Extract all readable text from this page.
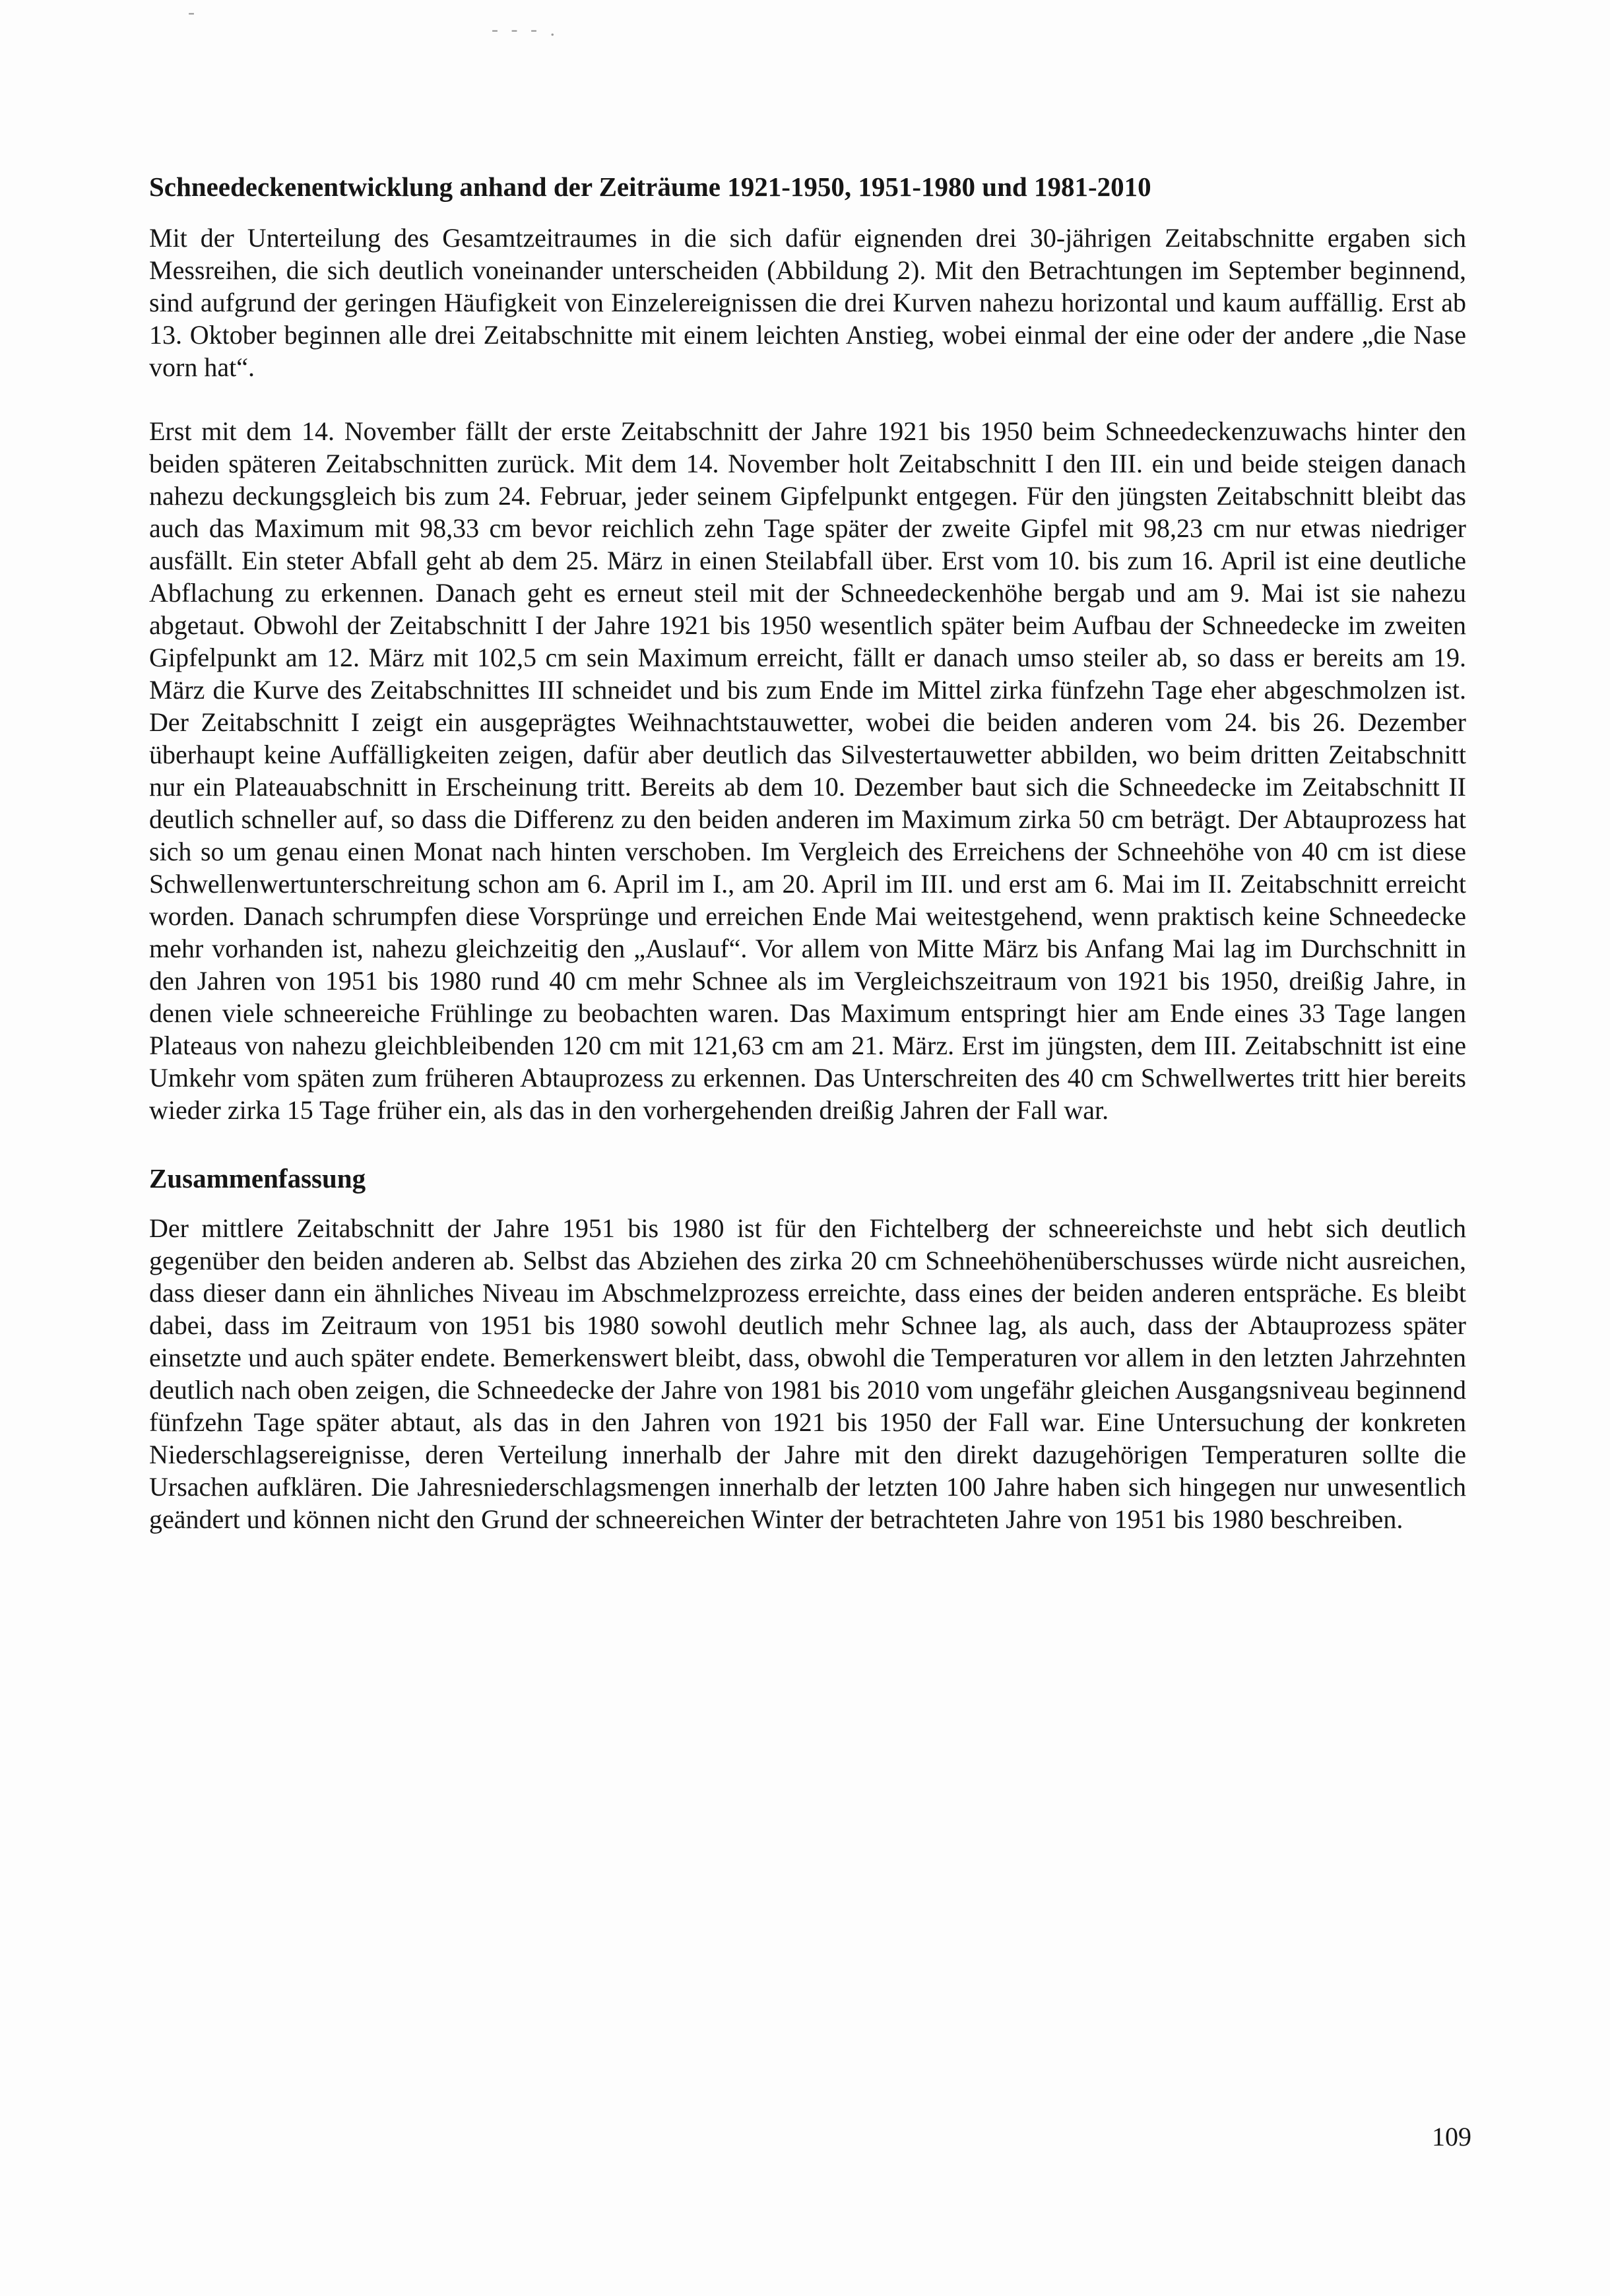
-
- - - .
Schneedeckenentwicklung anhand der Zeiträume 1921-1950, 1951-1980 und 1981-2010

Mit der Unterteilung des Gesamtzeitraumes in die sich dafür eignenden drei 30-jährigen Zeitabschnitte ergaben sich Messreihen, die sich deutlich voneinander unterscheiden (Abbildung 2). Mit den Betrachtungen im September beginnend, sind aufgrund der geringen Häufigkeit von Einzelereignissen die drei Kurven nahezu horizontal und kaum auffällig. Erst ab 13. Oktober beginnen alle drei Zeitabschnitte mit einem leichten Anstieg, wobei einmal der eine oder der andere „die Nase vorn hat“.

Erst mit dem 14. November fällt der erste Zeitabschnitt der Jahre 1921 bis 1950 beim Schneedeckenzuwachs hinter den beiden späteren Zeitabschnitten zurück. Mit dem 14. November holt Zeitabschnitt I den III. ein und beide steigen danach nahezu deckungsgleich bis zum 24. Februar, jeder seinem Gipfelpunkt entgegen. Für den jüngsten Zeitabschnitt bleibt das auch das Maximum mit 98,33 cm bevor reichlich zehn Tage später der zweite Gipfel mit 98,23 cm nur etwas niedriger ausfällt. Ein steter Abfall geht ab dem 25. März in einen Steilabfall über. Erst vom 10. bis zum 16. April ist eine deutliche Abflachung zu erkennen. Danach geht es erneut steil mit der Schneedeckenhöhe bergab und am 9. Mai ist sie nahezu abgetaut. Obwohl der Zeitabschnitt I der Jahre 1921 bis 1950 wesentlich später beim Aufbau der Schneedecke im zweiten Gipfelpunkt am 12. März mit 102,5 cm sein Maximum erreicht, fällt er danach umso steiler ab, so dass er bereits am 19. März die Kurve des Zeitabschnittes III schneidet und bis zum Ende im Mittel zirka fünfzehn Tage eher abgeschmolzen ist. Der Zeitabschnitt I zeigt ein ausgeprägtes Weihnachtstauwetter, wobei die beiden anderen vom 24. bis 26. Dezember überhaupt keine Auffälligkeiten zeigen, dafür aber deutlich das Silvestertauwetter abbilden, wo beim dritten Zeitabschnitt nur ein Plateauabschnitt in Erscheinung tritt. Bereits ab dem 10. Dezember baut sich die Schneedecke im Zeitabschnitt II deutlich schneller auf, so dass die Differenz zu den beiden anderen im Maximum zirka 50 cm beträgt. Der Abtauprozess hat sich so um genau einen Monat nach hinten verschoben. Im Vergleich des Erreichens der Schneehöhe von 40 cm ist diese Schwellenwertunterschreitung schon am 6. April im I., am 20. April im III. und erst am 6. Mai im II. Zeitabschnitt erreicht worden. Danach schrumpfen diese Vorsprünge und erreichen Ende Mai weitestgehend, wenn praktisch keine Schneedecke mehr vorhanden ist, nahezu gleichzeitig den „Auslauf“. Vor allem von Mitte März bis Anfang Mai lag im Durchschnitt in den Jahren von 1951 bis 1980 rund 40 cm mehr Schnee als im Vergleichszeitraum von 1921 bis 1950, dreißig Jahre, in denen viele schneereiche Frühlinge zu beobachten waren. Das Maximum entspringt hier am Ende eines 33 Tage langen Plateaus von nahezu gleichbleibenden 120 cm mit 121,63 cm am 21. März. Erst im jüngsten, dem III. Zeitabschnitt ist eine Umkehr vom späten zum früheren Abtauprozess zu erkennen. Das Unterschreiten des 40 cm Schwellwertes tritt hier bereits wieder zirka 15 Tage früher ein, als das in den vorhergehenden dreißig Jahren der Fall war.

Zusammenfassung

Der mittlere Zeitabschnitt der Jahre 1951 bis 1980 ist für den Fichtelberg der schneereichste und hebt sich deutlich gegenüber den beiden anderen ab. Selbst das Abziehen des zirka 20 cm Schneehöhenüberschusses würde nicht ausreichen, dass dieser dann ein ähnliches Niveau im Abschmelzprozess erreichte, dass eines der beiden anderen entspräche. Es bleibt dabei, dass im Zeitraum von 1951 bis 1980 sowohl deutlich mehr Schnee lag, als auch, dass der Abtauprozess später einsetzte und auch später endete. Bemerkenswert bleibt, dass, obwohl die Temperaturen vor allem in den letzten Jahrzehnten deutlich nach oben zeigen, die Schneedecke der Jahre von 1981 bis 2010 vom ungefähr gleichen Ausgangsniveau beginnend fünfzehn Tage später abtaut, als das in den Jahren von 1921 bis 1950 der Fall war. Eine Untersuchung der konkreten Niederschlagsereignisse, deren Verteilung innerhalb der Jahre mit den direkt dazugehörigen Temperaturen sollte die Ursachen aufklären. Die Jahresniederschlagsmengen innerhalb der letzten 100 Jahre haben sich hingegen nur unwesentlich geändert und können nicht den Grund der schneereichen Winter der betrachteten Jahre von 1951 bis 1980 beschreiben.

109
